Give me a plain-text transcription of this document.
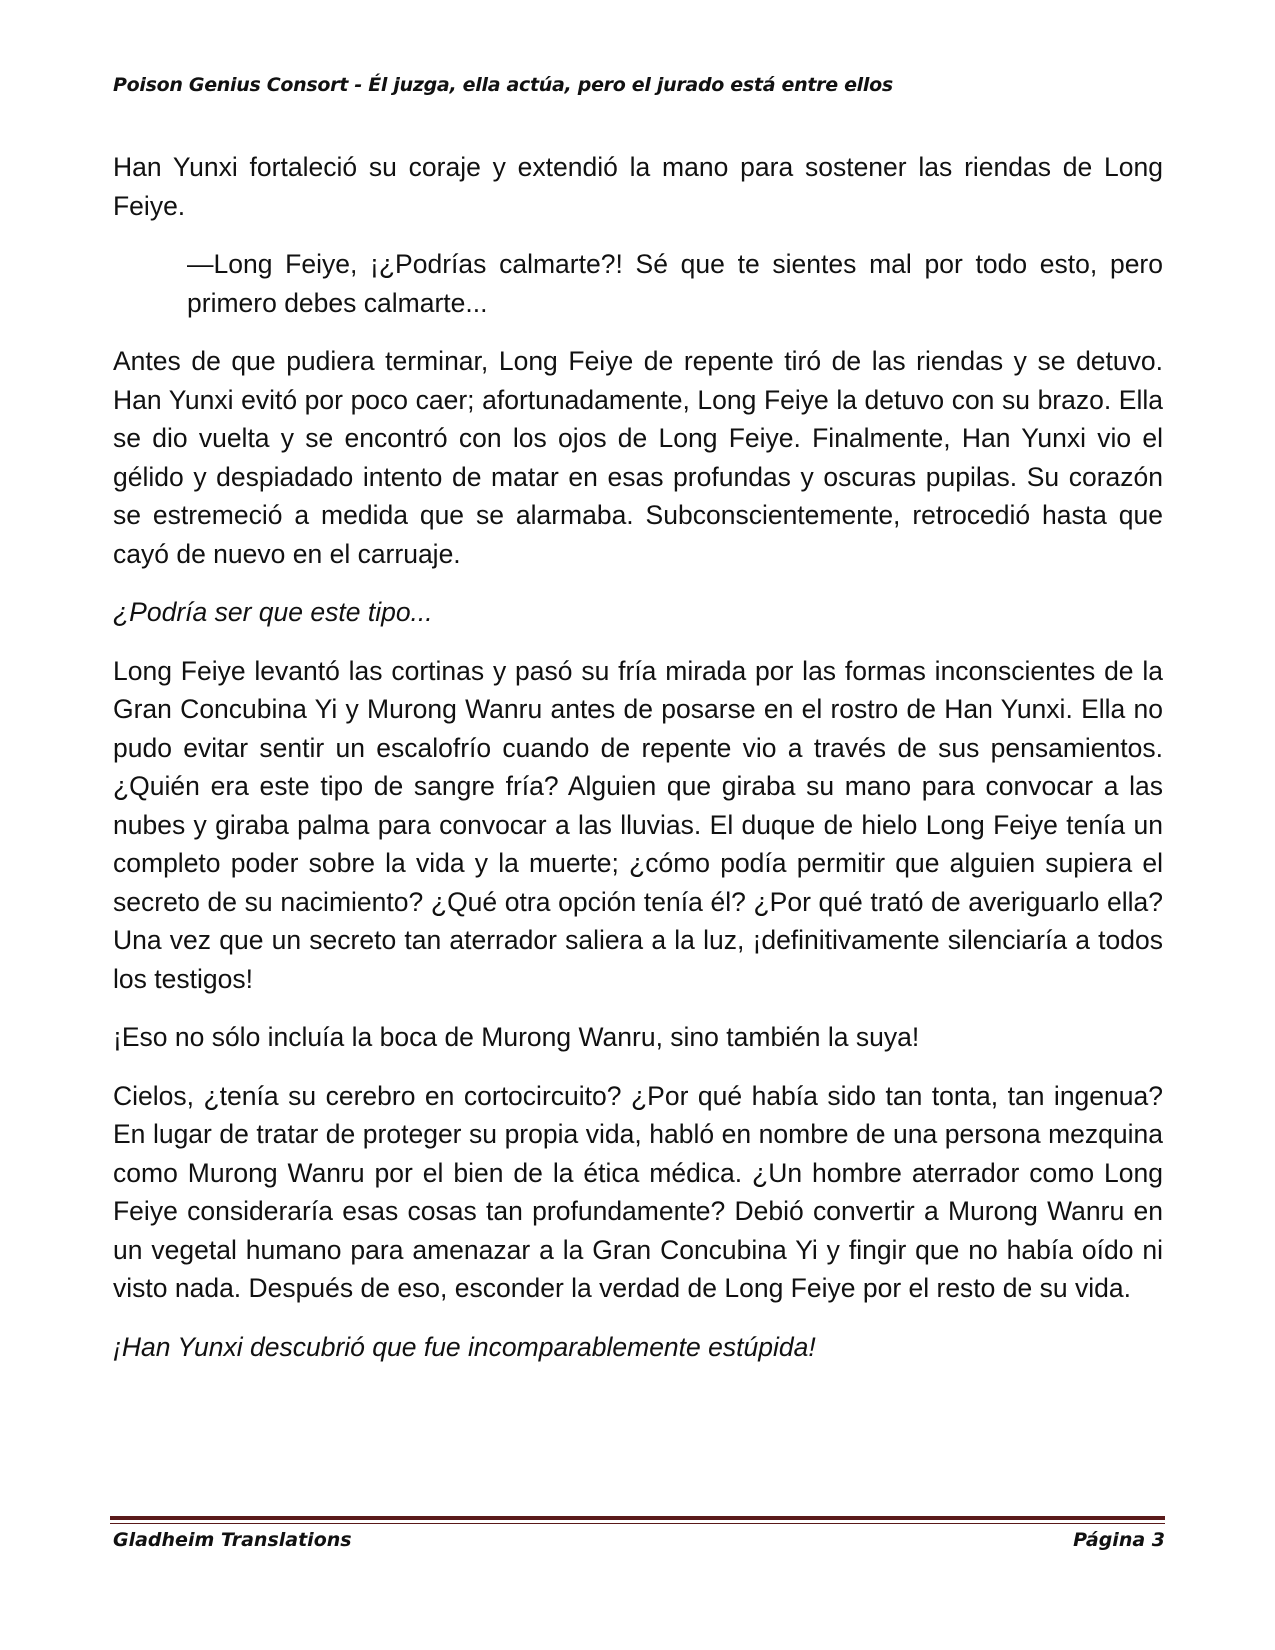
Poison Genius Consort - Él juzga, ella actúa, pero el jurado está entre ellos

Han Yunxi fortaleció su coraje y extendió la mano para sostener las riendas de Long Feiye.

—Long Feiye, ¡¿Podrías calmarte?! Sé que te sientes mal por todo esto, pero primero debes calmarte...

Antes de que pudiera terminar, Long Feiye de repente tiró de las riendas y se detuvo. Han Yunxi evitó por poco caer; afortunadamente, Long Feiye la detuvo con su brazo. Ella se dio vuelta y se encontró con los ojos de Long Feiye. Finalmente, Han Yunxi vio el gélido y despiadado intento de matar en esas profundas y oscuras pupilas. Su corazón se estremeció a medida que se alarmaba. Subconscientemente, retrocedió hasta que cayó de nuevo en el carruaje.

¿Podría ser que este tipo...

Long Feiye levantó las cortinas y pasó su fría mirada por las formas inconscientes de la Gran Concubina Yi y Murong Wanru antes de posarse en el rostro de Han Yunxi. Ella no pudo evitar sentir un escalofrío cuando de repente vio a través de sus pensamientos. ¿Quién era este tipo de sangre fría? Alguien que giraba su mano para convocar a las nubes y giraba palma para convocar a las lluvias. El duque de hielo Long Feiye tenía un completo poder sobre la vida y la muerte; ¿cómo podía permitir que alguien supiera el secreto de su nacimiento? ¿Qué otra opción tenía él? ¿Por qué trató de averiguarlo ella? Una vez que un secreto tan aterrador saliera a la luz, ¡definitivamente silenciaría a todos los testigos!

¡Eso no sólo incluía la boca de Murong Wanru, sino también la suya!

Cielos, ¿tenía su cerebro en cortocircuito? ¿Por qué había sido tan tonta, tan ingenua? En lugar de tratar de proteger su propia vida, habló en nombre de una persona mezquina como Murong Wanru por el bien de la ética médica. ¿Un hombre aterrador como Long Feiye consideraría esas cosas tan profundamente? Debió convertir a Murong Wanru en un vegetal humano para amenazar a la Gran Concubina Yi y fingir que no había oído ni visto nada. Después de eso, esconder la verdad de Long Feiye por el resto de su vida.

¡Han Yunxi descubrió que fue incomparablemente estúpida!

Gladheim Translations	Página 3
